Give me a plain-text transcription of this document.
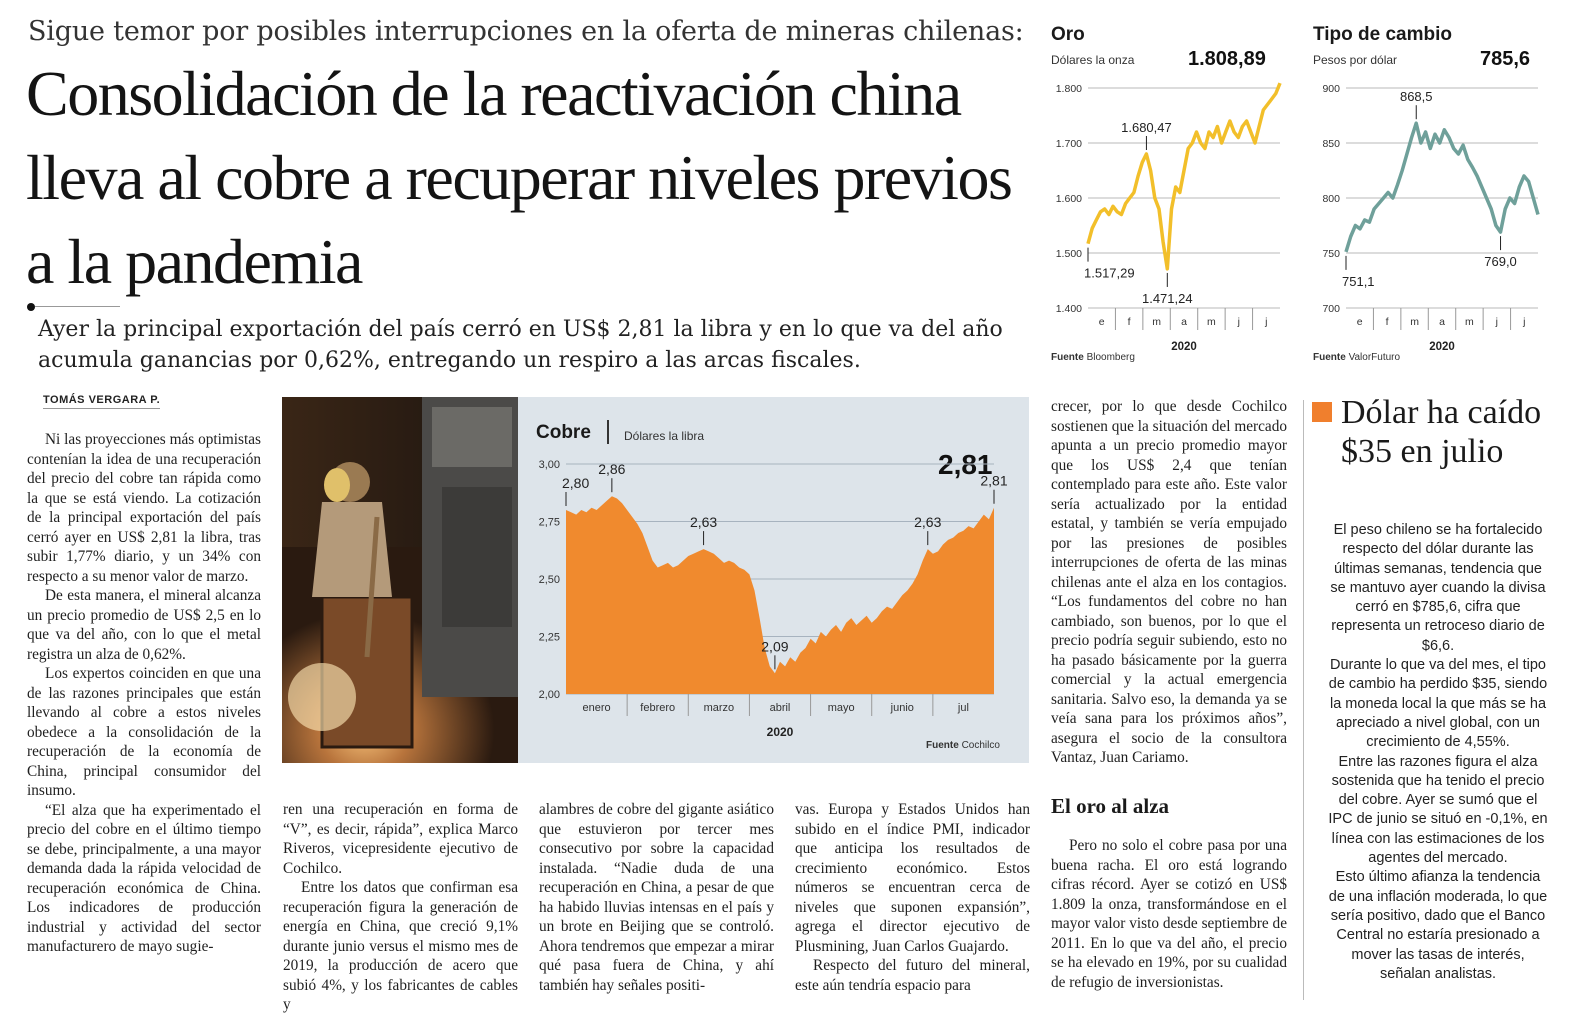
Sigue temor por posibles interrupciones en la oferta de mineras chilenas:
Consolidación de la reactivación china lleva al cobre a recuperar niveles previos a la pandemia
Ayer la principal exportación del país cerró en US$ 2,81 la libra y en lo que va del año acumula ganancias por 0,62%, entregando un respiro a las arcas fiscales.
TOMÁS VERGARA P.

Ni las proyecciones más optimistas contenían la idea de una recuperación del precio del cobre tan rápida como la que se está viendo. La cotización de la principal exportación del país cerró ayer en US$ 2,81 la libra, tras subir 1,77% diario, y un 34% con respecto a su menor valor de marzo.

De esta manera, el mineral alcanza un precio promedio de US$ 2,5 en lo que va del año, con lo que el metal registra un alza de 0,62%.

Los expertos coinciden en que una de las razones principales que están llevando al cobre a estos niveles obedece a la consolidación de la recuperación de la economía de China, principal consumidor del insumo.

“El alza que ha experimentado el precio del cobre en el último tiempo se debe, principalmente, a una mayor demanda dada la rápida velocidad de recuperación económica de China. Los indicadores de producción industrial y actividad del sector manufacturero de mayo sugie-

Cobre	Dólares la libra
2,81
2,00
2,25
2,50
2,75
3,00
enero	febrero	marzo	abril	mayo	junio	jul
2020
2,80
2,86
2,63
2,09
2,63
2,81
Fuente Cochilco

ren una recuperación en forma de “V”, es decir, rápida”, explica Marco Riveros, vicepresidente ejecutivo de Cochilco.

Entre los datos que confirman esa recuperación figura la generación de energía en China, que creció 9,1% durante junio versus el mismo mes de 2019, la producción de acero que subió 4%, y los fabricantes de cables y

alambres de cobre del gigante asiático que estuvieron por tercer mes consecutivo por sobre la capacidad instalada. “Nadie duda de una recuperación en China, a pesar de que ha habido lluvias intensas en el país y un brote en Beijing que se controló. Ahora tendremos que empezar a mirar qué pasa fuera de China, y ahí también hay señales positi-

vas. Europa y Estados Unidos han subido en el índice PMI, indicador que anticipa los resultados de crecimiento económico. Estos números se encuentran cerca de niveles que suponen expansión”, agrega el director ejecutivo de Plusmining, Juan Carlos Guajardo.

Respecto del futuro del mineral, este aún tendría espacio para

crecer, por lo que desde Cochilco sostienen que la situación del mercado apunta a un precio promedio mayor que los US$ 2,4 que tenían contemplado para este año. Este valor sería actualizado por la entidad estatal, y también se vería empujado por las presiones de posibles interrupciones de oferta de las minas chilenas ante el alza en los contagios. “Los fundamentos del cobre no han cambiado, son buenos, por lo que el precio podría seguir subiendo, esto no ha pasado básicamente por la guerra comercial y la actual emergencia sanitaria. Salvo eso, la demanda ya se veía sana para los próximos años”, asegura el socio de la consultora Vantaz, Juan Cariamo.

El oro al alza

Pero no solo el cobre pasa por una buena racha. El oro está logrando cifras récord. Ayer se cotizó en US$ 1.809 la onza, transformándose en el mayor valor visto desde septiembre de 2011. En lo que va del año, el precio se ha elevado en 19%, por su cualidad de refugio de inversionistas.

Oro
Dólares la onza	1.808,89
1.400
1.500
1.600
1.700
1.800
e f m a m j j
2020
1.517,29
1.680,47
1.471,24
Fuente Bloomberg
Tipo de cambio
Pesos por dólar	785,6
700
750
800
850
900
e f m a m j j
2020
751,1
868,5
769,0
Fuente ValorFuturo
Dólar ha caído $35 en julio

El peso chileno se ha fortalecido respecto del dólar durante las últimas semanas, tendencia que se mantuvo ayer cuando la divisa cerró en $785,6, cifra que representa un retroceso diario de $6,6.

Durante lo que va del mes, el tipo de cambio ha perdido $35, siendo la moneda local la que más se ha apreciado a nivel global, con un crecimiento de 4,55%.

Entre las razones figura el alza sostenida que ha tenido el precio del cobre. Ayer se sumó que el IPC de junio se situó en -0,1%, en línea con las estimaciones de los agentes del mercado.

Esto último afianza la tendencia de una inflación moderada, lo que sería positivo, dado que el Banco Central no estaría presionado a mover las tasas de interés, señalan analistas.
